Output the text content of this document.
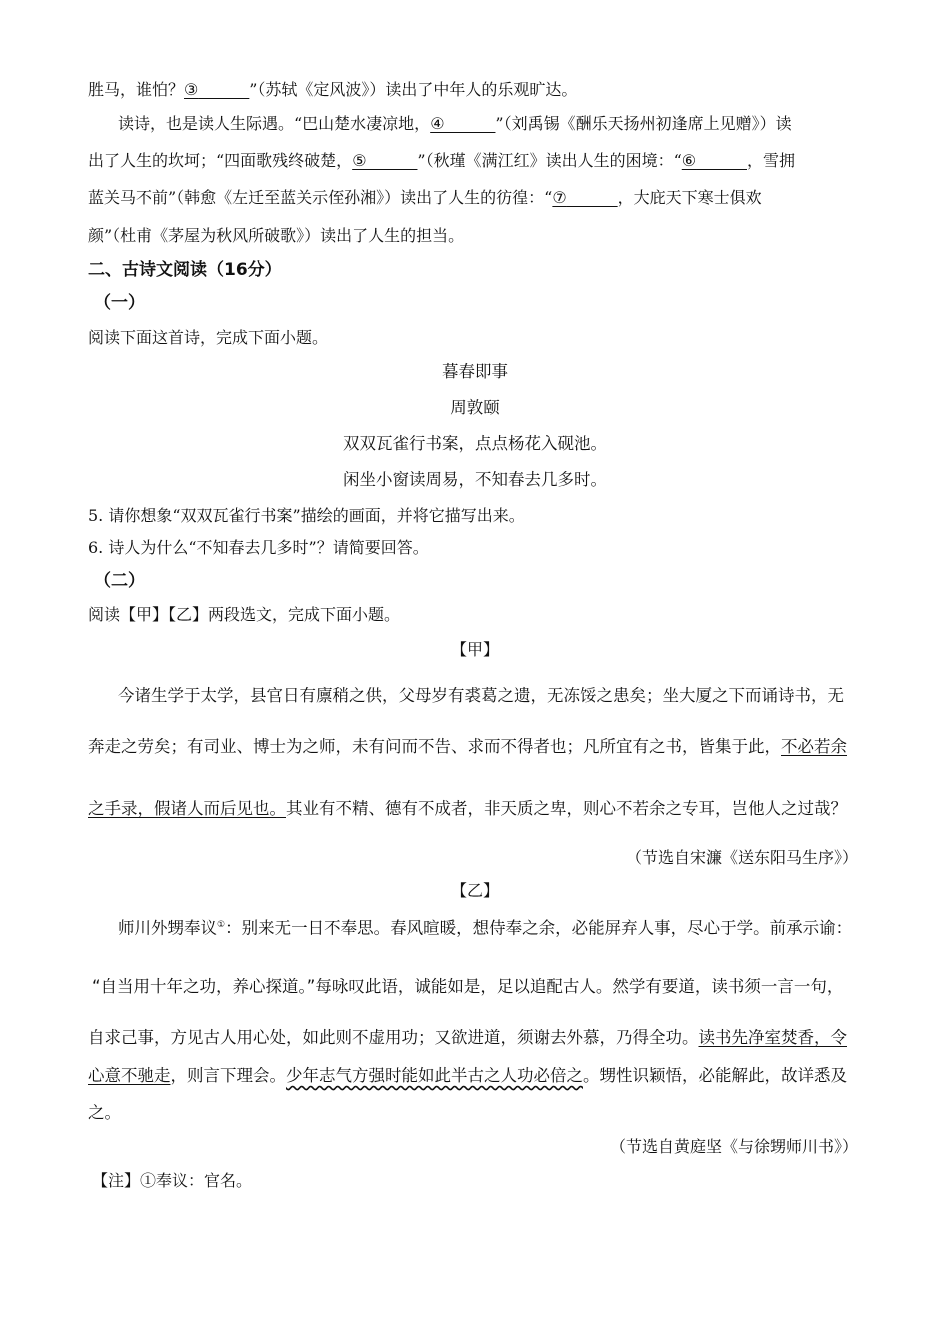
胜马，谁怕？③	”（苏轼《定风波》）读出了中年人的乐观旷达。
读诗，也是读人生际遇。“巴山楚水凄凉地，④	”（刘禹锡《酬乐天扬州初逢席上见赠》）读
出了人生的坎坷；“四面歌残终破楚，⑤	”（秋瑾《满江红》读出人生的困境：“⑥	，雪拥
蓝关马不前”（韩愈《左迁至蓝关示侄孙湘》）读出了人生的彷徨：“⑦	，大庇天下寒士俱欢
颜”（杜甫《茅屋为秋风所破歌》）读出了人生的担当。
二、古诗文阅读（16分）
（一）
阅读下面这首诗，完成下面小题。
暮春即事
周敦颐
双双瓦雀行书案，点点杨花入砚池。
闲坐小窗读周易，不知春去几多时。
5. 请你想象“双双瓦雀行书案”描绘的画面，并将它描写出来。
6. 诗人为什么“不知春去几多时”？请简要回答。
（二）
阅读【甲】【乙】两段选文，完成下面小题。
【甲】
今诸生学于太学，县官日有廪稍之供，父母岁有裘葛之遗，无冻馁之患矣；坐大厦之下而诵诗书，无
奔走之劳矣；有司业、博士为之师，未有问而不告、求而不得者也；凡所宜有之书，皆集于此，不必若余
之手录，假诸人而后见也。其业有不精、德有不成者，非天质之卑，则心不若余之专耳，岂他人之过哉？
（节选自宋濂《送东阳马生序》）
【乙】
师川外甥奉议①：别来无一日不奉思。春风暄暖，想侍奉之余，必能屏弃人事，尽心于学。前承示谕：
“自当用十年之功，养心探道。”每咏叹此语，诚能如是，足以追配古人。然学有要道，读书须一言一句，
自求己事，方见古人用心处，如此则不虚用功；又欲进道，须谢去外慕，乃得全功。读书先净室焚香，令
心意不驰走，则言下理会。少年志气方强时能如此半古之人功必倍之。甥性识颖悟，必能解此，故详悉及
之。
（节选自黄庭坚《与徐甥师川书》）
【注】①奉议：官名。
